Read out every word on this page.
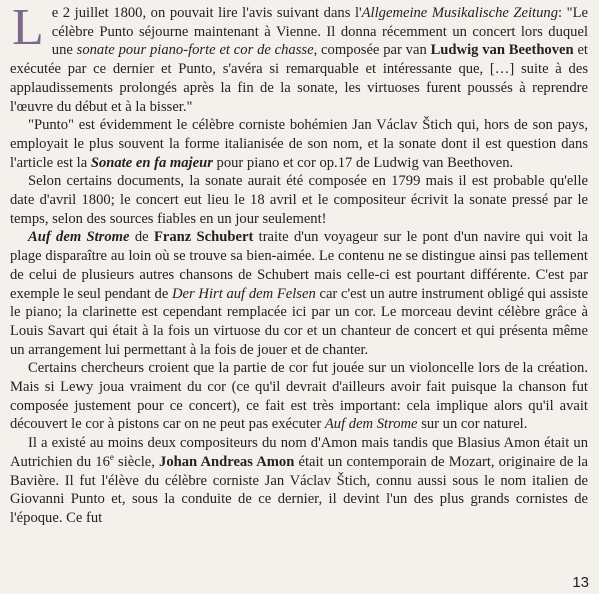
Le 2 juillet 1800, on pouvait lire l'avis suivant dans l'Allgemeine Musikalische Zeitung: "Le célèbre Punto séjourne maintenant à Vienne. Il donna récemment un concert lors duquel une sonate pour piano-forte et cor de chasse, composée par van Ludwig van Beethoven et exécutée par ce dernier et Punto, s'avéra si remarquable et intéressante que, […] suite à des applaudissements prolongés après la fin de la sonate, les virtuoses furent poussés à reprendre l'œuvre du début et à la bisser."

"Punto" est évidemment le célèbre corniste bohémien Jan Václav Štich qui, hors de son pays, employait le plus souvent la forme italianisée de son nom, et la sonate dont il est question dans l'article est la Sonate en fa majeur pour piano et cor op.17 de Ludwig van Beethoven.

Selon certains documents, la sonate aurait été composée en 1799 mais il est probable qu'elle date d'avril 1800; le concert eut lieu le 18 avril et le compositeur écrivit la sonate pressé par le temps, selon des sources fiables en un jour seulement!

Auf dem Strome de Franz Schubert traite d'un voyageur sur le pont d'un navire qui voit la plage disparaître au loin où se trouve sa bien-aimée. Le contenu ne se distingue ainsi pas tellement de celui de plusieurs autres chansons de Schubert mais celle-ci est pourtant différente. C'est par exemple le seul pendant de Der Hirt auf dem Felsen car c'est un autre instrument obligé qui assiste le piano; la clarinette est cependant remplacée ici par un cor. Le morceau devint célèbre grâce à Louis Savart qui était à la fois un virtuose du cor et un chanteur de concert et qui présenta même un arrangement lui permettant à la fois de jouer et de chanter.

Certains chercheurs croient que la partie de cor fut jouée sur un violoncelle lors de la création. Mais si Lewy joua vraiment du cor (ce qu'il devrait d'ailleurs avoir fait puisque la chanson fut composée justement pour ce concert), ce fait est très important: cela implique alors qu'il avait découvert le cor à pistons car on ne peut pas exécuter Auf dem Strome sur un cor naturel.

Il a existé au moins deux compositeurs du nom d'Amon mais tandis que Blasius Amon était un Autrichien du 16e siècle, Johan Andreas Amon était un contemporain de Mozart, originaire de la Bavière. Il fut l'élève du célèbre corniste Jan Václav Štich, connu aussi sous le nom italien de Giovanni Punto et, sous la conduite de ce dernier, il devint l'un des plus grands cornistes de l'époque. Ce fut

13
